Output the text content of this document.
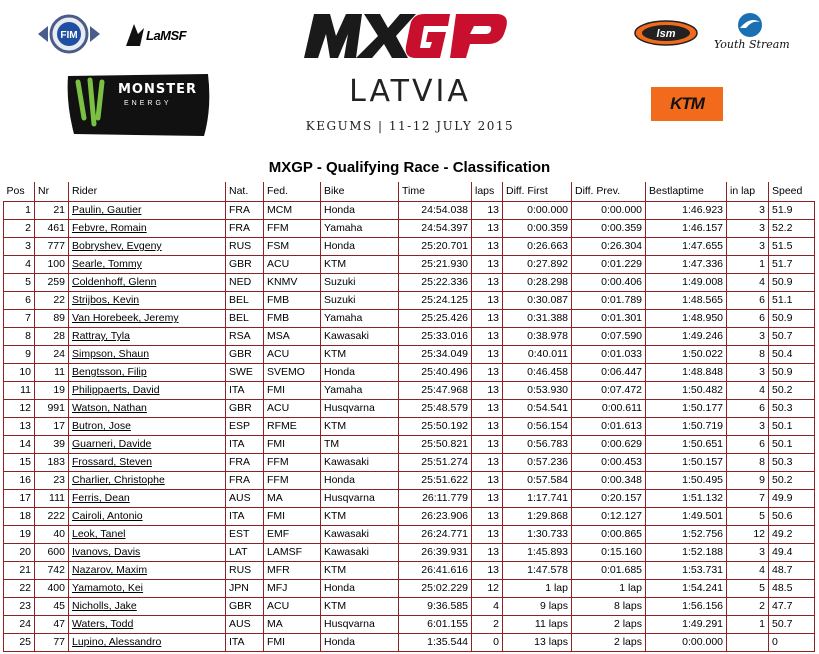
FIM	LaMSF
MONSTER
ENERGY	LATVIA
KEGUMS | 11-12 JULY 2015
lsm
Youth Stream
KTM
MXGP - Qualifying Race - Classification
Pos	Nr	Rider	Nat.	Fed.	Bike	Time	laps	Diff. First	Diff. Prev.	Bestlaptime	in lap	Speed
1	21	Paulin, Gautier	FRA	MCM	Honda	24:54.038	13	0:00.000	0:00.000	1:46.923	3	51.9
2	461	Febvre, Romain	FRA	FFM	Yamaha	24:54.397	13	0:00.359	0:00.359	1:46.157	3	52.2
3	777	Bobryshev, Evgeny	RUS	FSM	Honda	25:20.701	13	0:26.663	0:26.304	1:47.655	3	51.5
4	100	Searle, Tommy	GBR	ACU	KTM	25:21.930	13	0:27.892	0:01.229	1:47.336	1	51.7
5	259	Coldenhoff, Glenn	NED	KNMV	Suzuki	25:22.336	13	0:28.298	0:00.406	1:49.008	4	50.9
6	22	Strijbos, Kevin	BEL	FMB	Suzuki	25:24.125	13	0:30.087	0:01.789	1:48.565	6	51.1
7	89	Van Horebeek, Jeremy	BEL	FMB	Yamaha	25:25.426	13	0:31.388	0:01.301	1:48.950	6	50.9
8	28	Rattray, Tyla	RSA	MSA	Kawasaki	25:33.016	13	0:38.978	0:07.590	1:49.246	3	50.7
9	24	Simpson, Shaun	GBR	ACU	KTM	25:34.049	13	0:40.011	0:01.033	1:50.022	8	50.4
10	11	Bengtsson, Filip	SWE	SVEMO	Honda	25:40.496	13	0:46.458	0:06.447	1:48.848	3	50.9
11	19	Philippaerts, David	ITA	FMI	Yamaha	25:47.968	13	0:53.930	0:07.472	1:50.482	4	50.2
12	991	Watson, Nathan	GBR	ACU	Husqvarna	25:48.579	13	0:54.541	0:00.611	1:50.177	6	50.3
13	17	Butron, Jose	ESP	RFME	KTM	25:50.192	13	0:56.154	0:01.613	1:50.719	3	50.1
14	39	Guarneri, Davide	ITA	FMI	TM	25:50.821	13	0:56.783	0:00.629	1:50.651	6	50.1
15	183	Frossard, Steven	FRA	FFM	Kawasaki	25:51.274	13	0:57.236	0:00.453	1:50.157	8	50.3
16	23	Charlier, Christophe	FRA	FFM	Honda	25:51.622	13	0:57.584	0:00.348	1:50.495	9	50.2
17	111	Ferris, Dean	AUS	MA	Husqvarna	26:11.779	13	1:17.741	0:20.157	1:51.132	7	49.9
18	222	Cairoli, Antonio	ITA	FMI	KTM	26:23.906	13	1:29.868	0:12.127	1:49.501	5	50.6
19	40	Leok, Tanel	EST	EMF	Kawasaki	26:24.771	13	1:30.733	0:00.865	1:52.756	12	49.2
20	600	Ivanovs, Davis	LAT	LAMSF	Kawasaki	26:39.931	13	1:45.893	0:15.160	1:52.188	3	49.4
21	742	Nazarov, Maxim	RUS	MFR	KTM	26:41.616	13	1:47.578	0:01.685	1:53.731	4	48.7
22	400	Yamamoto, Kei	JPN	MFJ	Honda	25:02.229	12	1 lap	1 lap	1:54.241	5	48.5
23	45	Nicholls, Jake	GBR	ACU	KTM	9:36.585	4	9 laps	8 laps	1:56.156	2	47.7
24	47	Waters, Todd	AUS	MA	Husqvarna	6:01.155	2	11 laps	2 laps	1:49.291	1	50.7
25	77	Lupino, Alessandro	ITA	FMI	Honda	1:35.544	0	13 laps	2 laps	0:00.000		0
